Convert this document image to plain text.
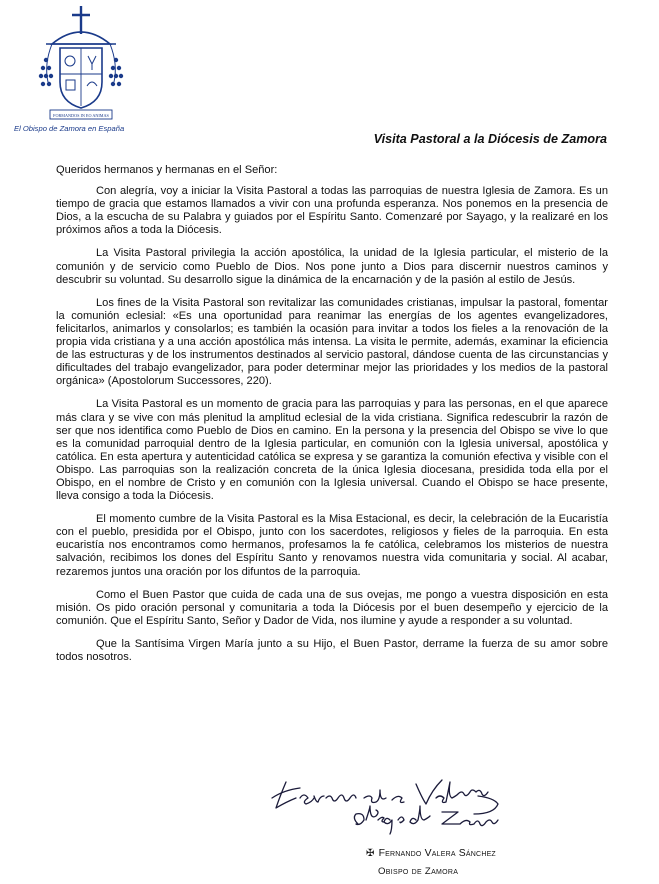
FORMANDOS IN EO ANIMAS
El Obispo de Zamora en España
Visita Pastoral a la Diócesis de Zamora

Queridos hermanos y hermanas en el Señor:

Con alegría, voy a iniciar la Visita Pastoral a todas las parroquias de nuestra Iglesia de Zamora. Es un tiempo de gracia que estamos llamados a vivir con una profunda esperanza. Nos ponemos en la presencia de Dios, a la escucha de su Palabra y guiados por el Espíritu Santo. Comenzaré por Sayago, y la realizaré en los próximos años a toda la Diócesis.

La Visita Pastoral privilegia la acción apostólica, la unidad de la Iglesia particular, el misterio de la comunión y de servicio como Pueblo de Dios. Nos pone junto a Dios para discernir nuestros caminos y descubrir su voluntad. Su desarrollo sigue la dinámica de la encarnación y de la pasión al estilo de Jesús.

Los fines de la Visita Pastoral son revitalizar las comunidades cristianas, impulsar la pastoral, fomentar la comunión eclesial: «Es una oportunidad para reanimar las energías de los agentes evangelizadores, felicitarlos, animarlos y consolarlos; es también la ocasión para invitar a todos los fieles a la renovación de la propia vida cristiana y a una acción apostólica más intensa. La visita le permite, además, examinar la eficiencia de las estructuras y de los instrumentos destinados al servicio pastoral, dándose cuenta de las circunstancias y dificultades del trabajo evangelizador, para poder determinar mejor las prioridades y los medios de la pastoral orgánica» (Apostolorum Successores, 220).

La Visita Pastoral es un momento de gracia para las parroquias y para las personas, en el que aparece más clara y se vive con más plenitud la amplitud eclesial de la vida cristiana. Significa redescubrir la razón de ser que nos identifica como Pueblo de Dios en camino. En la persona y la presencia del Obispo se vive lo que es la comunidad parroquial dentro de la Iglesia particular, en comunión con la Iglesia universal, apostólica y católica. En esta apertura y autenticidad católica se expresa y se garantiza la comunión efectiva y visible con el Obispo. Las parroquias son la realización concreta de la única Iglesia diocesana, presidida toda ella por el Obispo, en el nombre de Cristo y en comunión con la Iglesia universal. Cuando el Obispo se hace presente, lleva consigo a toda la Diócesis.

El momento cumbre de la Visita Pastoral es la Misa Estacional, es decir, la celebración de la Eucaristía con el pueblo, presidida por el Obispo, junto con los sacerdotes, religiosos y fieles de la parroquia. En esta eucaristía nos encontramos como hermanos, profesamos la fe católica, celebramos los misterios de nuestra salvación, recibimos los dones del Espíritu Santo y renovamos nuestra vida comunitaria y social. Al acabar, rezaremos juntos una oración por los difuntos de la parroquia.

Como el Buen Pastor que cuida de cada una de sus ovejas, me pongo a vuestra disposición en esta misión. Os pido oración personal y comunitaria a toda la Diócesis por el buen desempeño y ejercicio de la comunión. Que el Espíritu Santo, Señor y Dador de Vida, nos ilumine y ayude a responder a su voluntad.

Que la Santísima Virgen María junto a su Hijo, el Buen Pastor, derrame la fuerza de su amor sobre todos nosotros.

✠ Fernando Valera Sánchez
Obispo de Zamora
